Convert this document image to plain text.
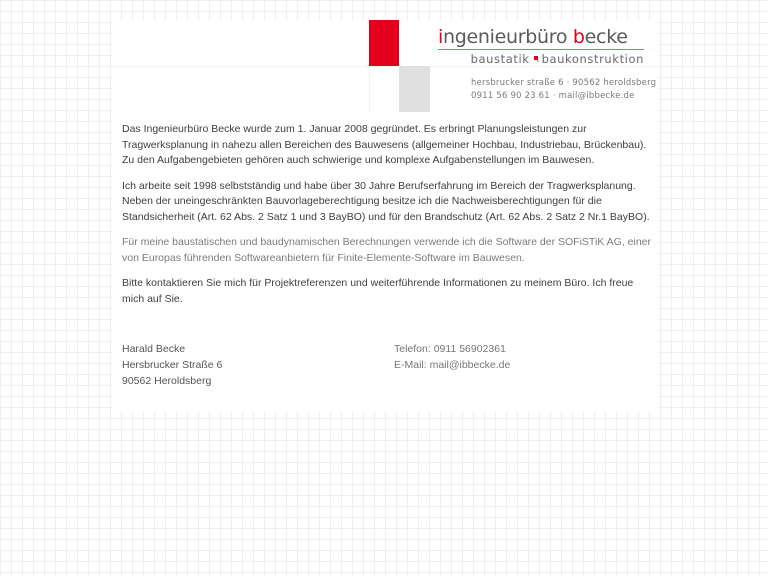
ingenieurbüro becke
baustatik baukonstruktion
hersbrucker straße 6 · 90562 heroldsberg
0911 56 90 23 61 · mail@ibbecke.de

Das Ingenieurbüro Becke wurde zum 1. Januar 2008 gegründet. Es erbringt Planungsleistungen zur Tragwerksplanung in nahezu allen Bereichen des Bauwesens (allgemeiner Hochbau, Industriebau, Brückenbau). Zu den Aufgabengebieten gehören auch schwierige und komplexe Aufgabenstellungen im Bauwesen.

Ich arbeite seit 1998 selbstständig und habe über 30 Jahre Berufserfahrung im Bereich der Tragwerksplanung. Neben der uneingeschränkten Bauvorlageberechtigung besitze ich die Nachweisberechtigungen für die Standsicherheit (Art. 62 Abs. 2 Satz 1 und 3 BayBO) und für den Brandschutz (Art. 62 Abs. 2 Satz 2 Nr.1 BayBO).

Für meine baustatischen und baudynamischen Berechnungen verwende ich die Software der SOFiSTiK AG, einer von Europas führenden Softwareanbietern für Finite-Elemente-Software im Bauwesen.

Bitte kontaktieren Sie mich für Projektreferenzen und weiterführende Informationen zu meinem Büro. Ich freue mich auf Sie.

Harald Becke
Hersbrucker Straße 6
90562 Heroldsberg
Telefon: 0911 56902361
E-Mail: mail@ibbecke.de
